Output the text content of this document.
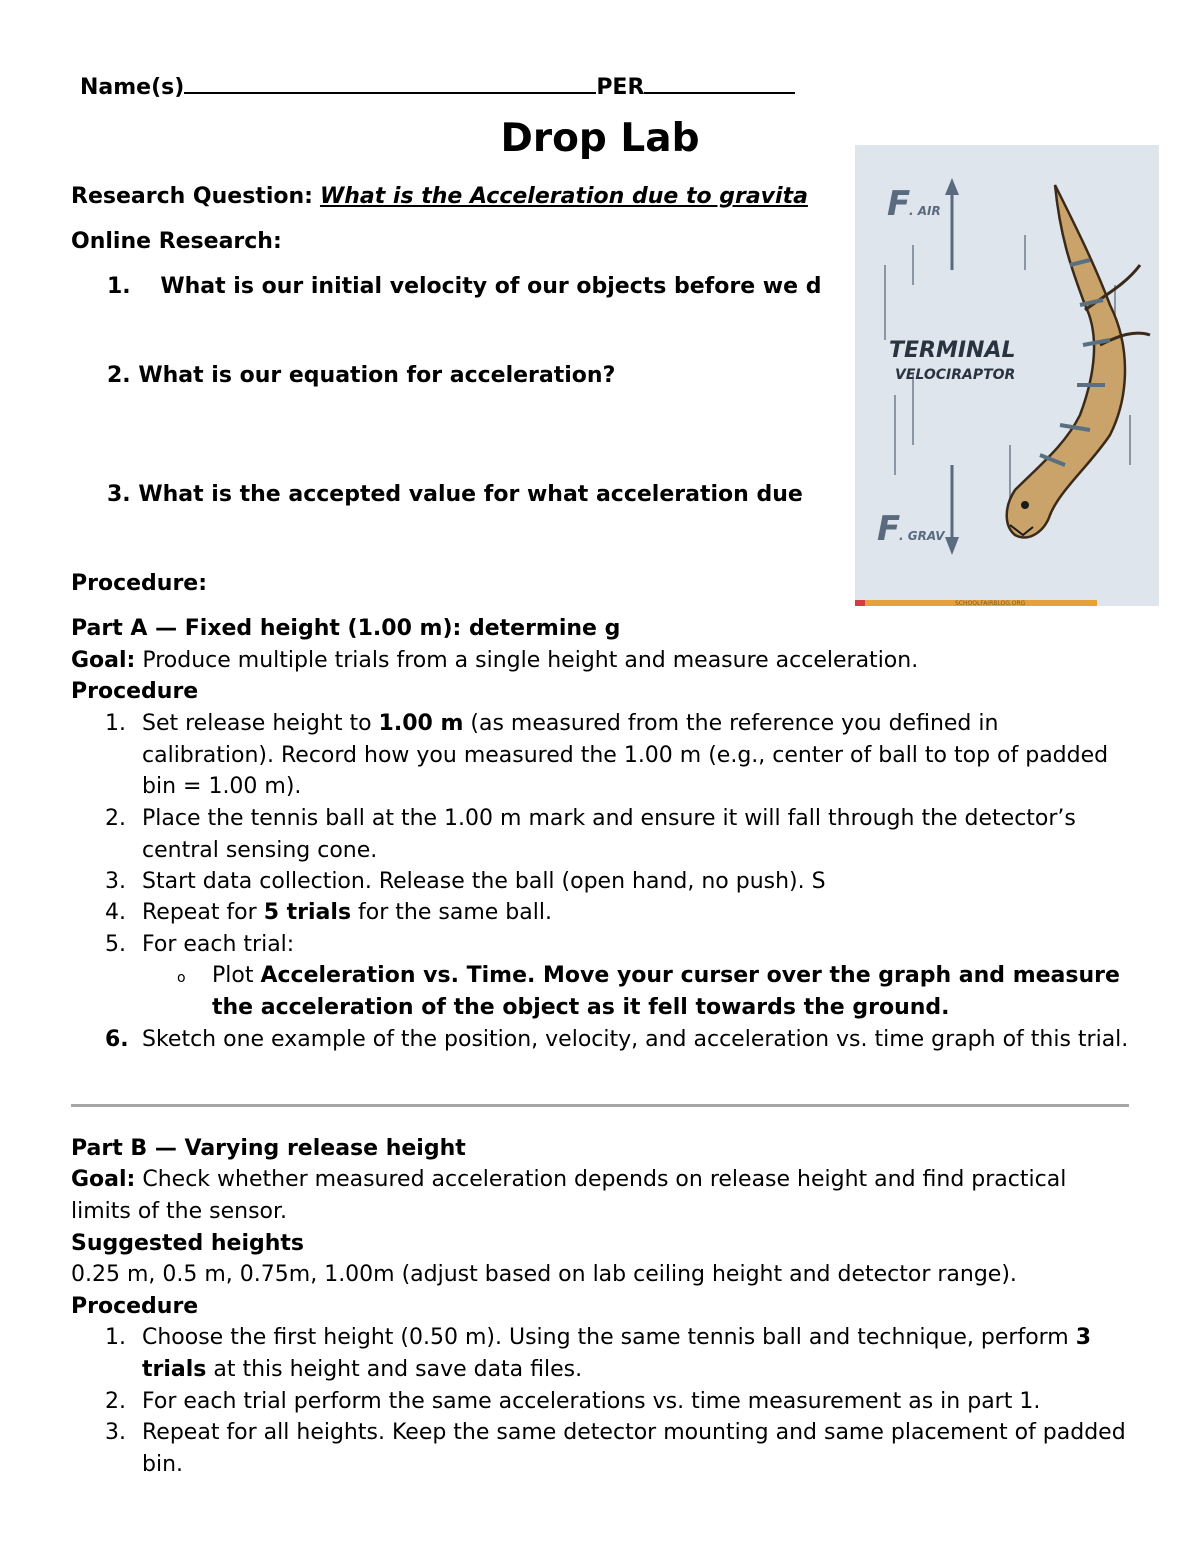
Name(s)	PER
Drop Lab
Research Question: What is the Acceleration due to gravita
Online Research:
1. What is our initial velocity of our objects before we d
2. What is our equation for acceleration?
3. What is the accepted value for what acceleration due
F
. AIR
F
. GRAV
TERMINAL
VELOCIRAPTOR
SCHOOLFAIRBLOG.ORG
Procedure:
Part A — Fixed height (1.00 m): determine g
Goal: Produce multiple trials from a single height and measure acceleration.
Procedure
1. Set release height to 1.00 m (as measured from the reference you defined in calibration). Record how you measured the 1.00 m (e.g., center of ball to top of padded bin = 1.00 m).
2. Place the tennis ball at the 1.00 m mark and ensure it will fall through the detector’s central sensing cone.
3. Start data collection. Release the ball (open hand, no push). S
4. Repeat for 5 trials for the same ball.
5. For each trial:
o Plot Acceleration vs. Time. Move your curser over the graph and measure the acceleration of the object as it fell towards the ground.
6. Sketch one example of the position, velocity, and acceleration vs. time graph of this trial.
Part B — Varying release height
Goal: Check whether measured acceleration depends on release height and find practical limits of the sensor.
Suggested heights
0.25 m, 0.5 m, 0.75m, 1.00m (adjust based on lab ceiling height and detector range).
Procedure
1. Choose the first height (0.50 m). Using the same tennis ball and technique, perform 3 trials at this height and save data files.
2. For each trial perform the same accelerations vs. time measurement as in part 1.
3. Repeat for all heights. Keep the same detector mounting and same placement of padded bin.
